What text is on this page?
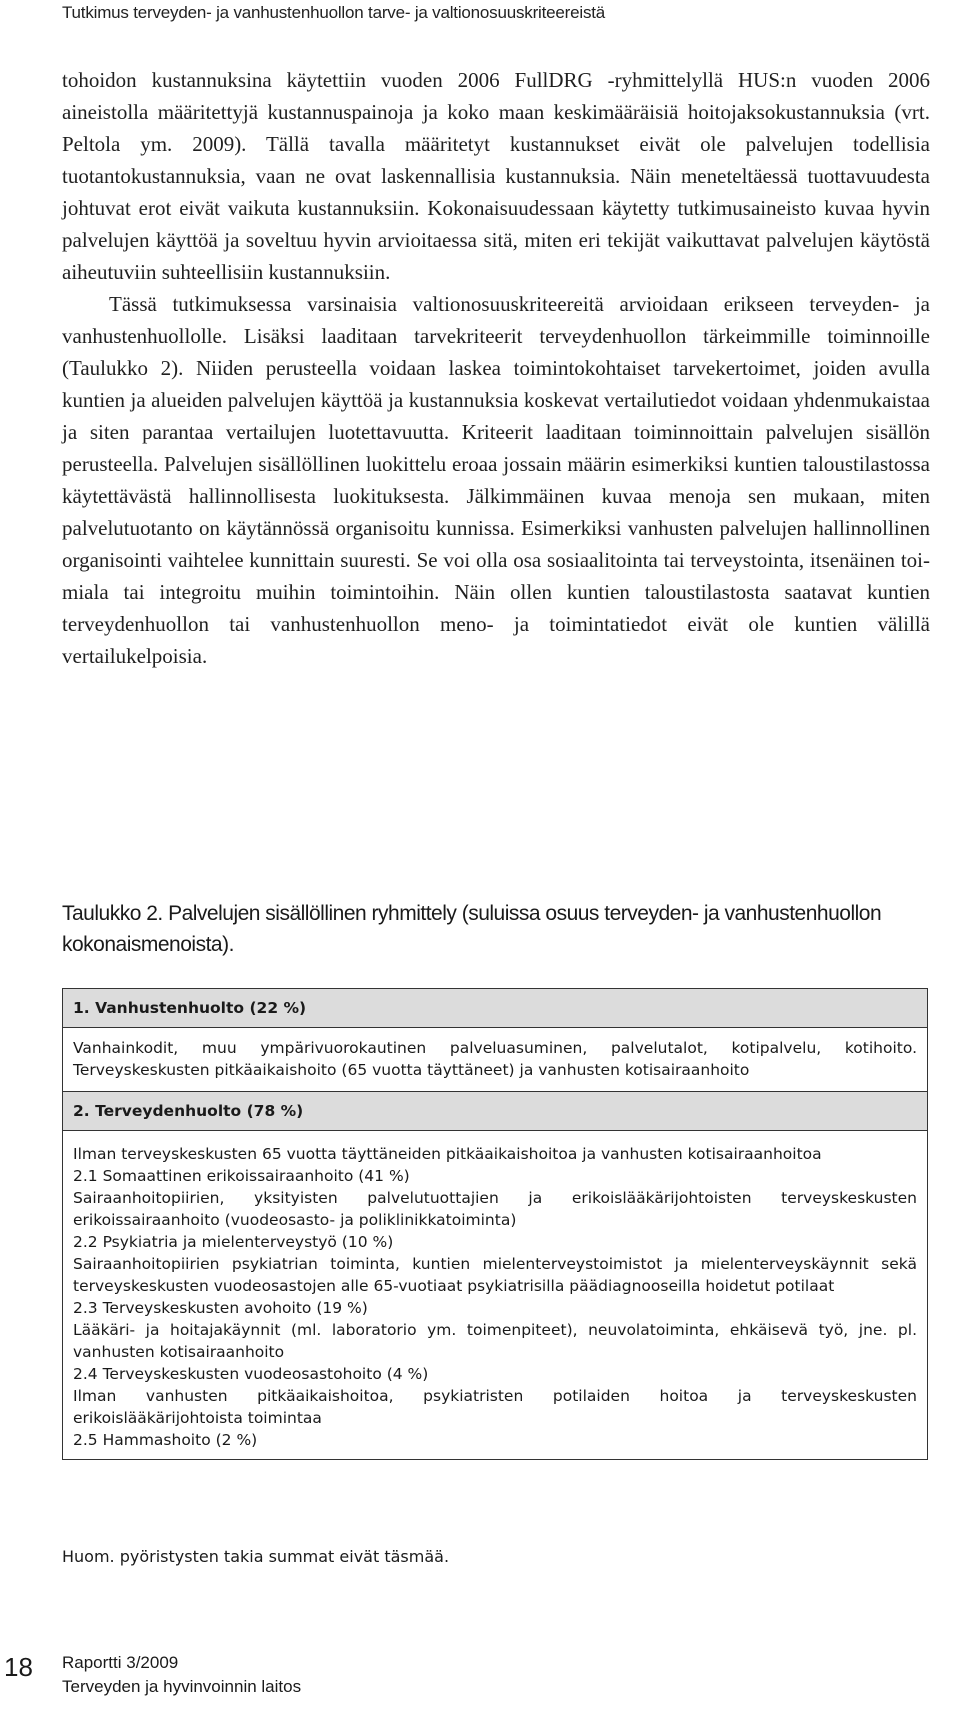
Tutkimus terveyden- ja vanhustenhuollon tarve- ja valtionosuuskriteereistä

tohoidon kustannuksina käytettiin vuoden 2006 FullDRG -ryhmittelyllä HUS:n vuoden 2006 aineistolla määritettyjä kustannuspainoja ja koko maan keskimääräisiä hoitojaksokustannuksia (vrt. Peltola ym. 2009). Tällä tavalla määritetyt kustannukset eivät ole palvelujen todellisia tuotantokustannuksia, vaan ne ovat laskennallisia kustannuksia. Näin meneteltäessä tuottavuudesta johtuvat erot eivät vaikuta kustannuksiin. Kokonaisuudessaan käytetty tutkimusaineisto kuvaa hyvin palvelujen käyttöä ja soveltuu hyvin arvioitaessa sitä, miten eri tekijät vaikuttavat palvelujen käytöstä aiheutuviin suhteellisiin kustannuksiin.

Tässä tutkimuksessa varsinaisia valtionosuuskriteereitä arvioidaan erikseen terveyden- ja vanhustenhuollolle. Lisäksi laaditaan tarvekriteerit terveydenhuollon tärkeimmille toiminnoille (Taulukko 2). Niiden perusteella voidaan laskea toimintokohtaiset tarvekertoimet, joiden avulla kuntien ja alueiden palvelujen käyttöä ja kustannuksia koskevat vertailutiedot voidaan yhdenmukaistaa ja siten parantaa vertailujen luotettavuutta. Kriteerit laaditaan toiminnoittain palvelujen sisällön perusteella. Palvelujen sisällöllinen luokittelu eroaa jossain määrin esimerkiksi kuntien taloustilastossa käytettävästä hallinnollisesta luokituksesta. Jälkimmäinen kuvaa menoja sen mukaan, miten palvelutuotanto on käytännössä organisoitu kunnissa. Esimerkiksi vanhusten palvelujen hallinnollinen organisointi vaihtelee kunnittain suuresti. Se voi olla osa sosiaalitointa tai terveystointa, itsenäinen toimiala tai integroitu muihin toimintoihin. Näin ollen kuntien taloustilastosta saatavat kuntien terveydenhuollon tai vanhustenhuollon meno- ja toimintatiedot eivät ole kuntien välillä vertailukelpoisia.

Taulukko 2. Palvelujen sisällöllinen ryhmittely (suluissa osuus terveyden- ja vanhustenhuollon kokonaismenoista).
1. Vanhustenhuolto (22 %)
Vanhainkodit, muu ympärivuorokautinen palveluasuminen, palvelutalot, kotipalvelu, kotihoito. Terveyskeskusten pitkäaikaishoito (65 vuotta täyttäneet) ja vanhusten kotisairaanhoito
2. Terveydenhuolto (78 %)
Ilman terveyskeskusten 65 vuotta täyttäneiden pitkäaikaishoitoa ja vanhusten kotisairaanhoitoa
2.1 Somaattinen erikoissairaanhoito (41 %)
Sairaanhoitopiirien, yksityisten palvelutuottajien ja erikoislääkärijohtoisten terveyskeskusten erikoissairaanhoito (vuodeosasto- ja poliklinikkatoiminta)
2.2 Psykiatria ja mielenterveystyö (10 %)
Sairaanhoitopiirien psykiatrian toiminta, kuntien mielenterveystoimistot ja mielenterveyskäynnit sekä terveyskeskusten vuodeosastojen alle 65-vuotiaat psykiatrisilla päädiagnooseilla hoidetut potilaat
2.3 Terveyskeskusten avohoito (19 %)
Lääkäri- ja hoitajakäynnit (ml. laboratorio ym. toimenpiteet), neuvolatoiminta, ehkäisevä työ, jne. pl. vanhusten kotisairaanhoito
2.4 Terveyskeskusten vuodeosastohoito (4 %)
Ilman vanhusten pitkäaikaishoitoa, psykiatristen potilaiden hoitoa ja terveyskeskusten erikoislääkärijohtoista toimintaa
2.5 Hammashoito (2 %)
Huom. pyöristysten takia summat eivät täsmää.
18 Raportti 3/2009
Terveyden ja hyvinvoinnin laitos
